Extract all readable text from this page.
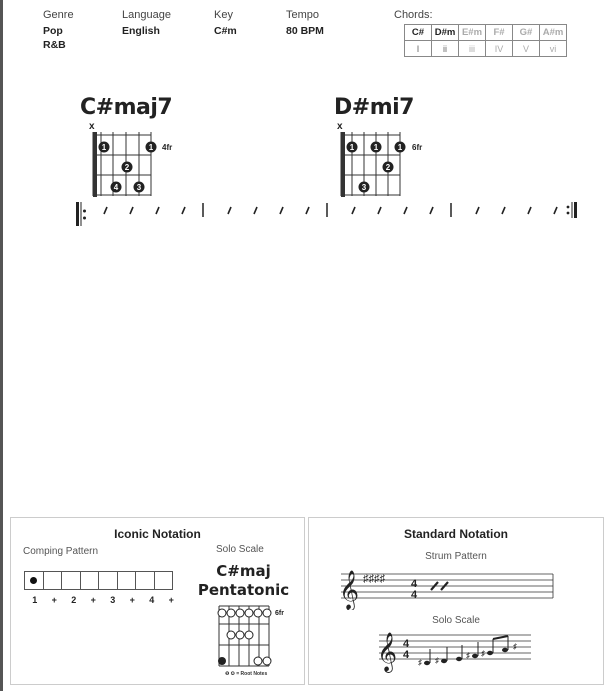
Genre
Pop
R&B
Language
English
Key
C#m
Tempo
80 BPM
Chords:
C#	D#m	E#m	F#	G#	A#m
I	ii	iii	IV	V	vi
C#maj7
x
4fr
1	1
2
4 3
D#mi7
x
6fr
1 1 1
2
3
Iconic Notation
Comping Pattern
1	+	2	+	3	+	4	+
Solo Scale
C#maj
Pentatonic
6fr
❶ ❹ = Root Notes
Standard Notation
Strum Pattern
𝄞 ♯♯♯♯ 4
4
Solo Scale
𝄞 4
4
♯ ♯
♯ ♯
♯
